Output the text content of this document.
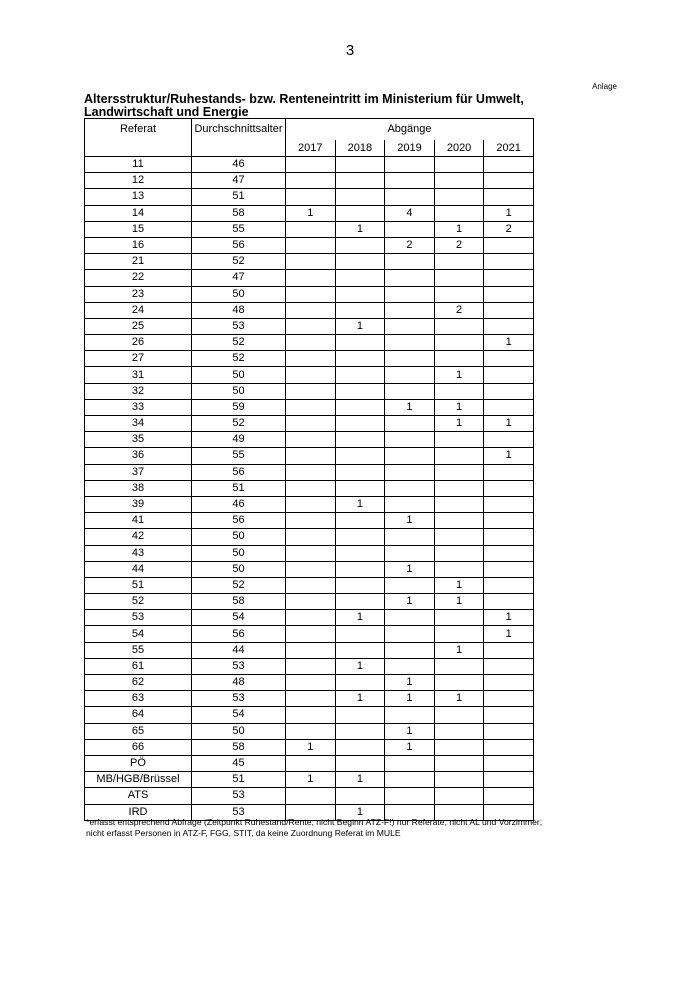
3
Anlage
Altersstruktur/Ruhestands- bzw. Renteneintritt im Ministerium für Umwelt, Landwirtschaft und Energie
Referat	Durchschnittsalter	Abgänge				
		2017	2018	2019	2020	2021
11	46					
12	47					
13	51					
14	58	1		4		1
15	55		1		1	2
16	56			2	2	
21	52					
22	47					
23	50					
24	48				2	
25	53		1			
26	52					1
27	52					
31	50				1	
32	50					
33	59			1	1	
34	52				1	1
35	49					
36	55					1
37	56					
38	51					
39	46		1			
41	56			1		
42	50					
43	50					
44	50			1		
51	52				1	
52	58			1	1	
53	54		1			1
54	56					1
55	44				1	
61	53		1			
62	48			1		
63	53		1	1	1	
64	54					
65	50			1		
66	58	1		1		
PÖ	45					
MB/HGB/Brüssel	51	1	1			
ATS	53					
IRD	53		1			
*erfasst entsprechend Abfrage (Zeitpunkt Ruhestand/Rente, nicht Beginn ATZ-F!) nur Referate, nicht AL und Vorzimmer; nicht erfasst Personen in ATZ-F, FGG, STIT, da keine Zuordnung Referat im MULE
